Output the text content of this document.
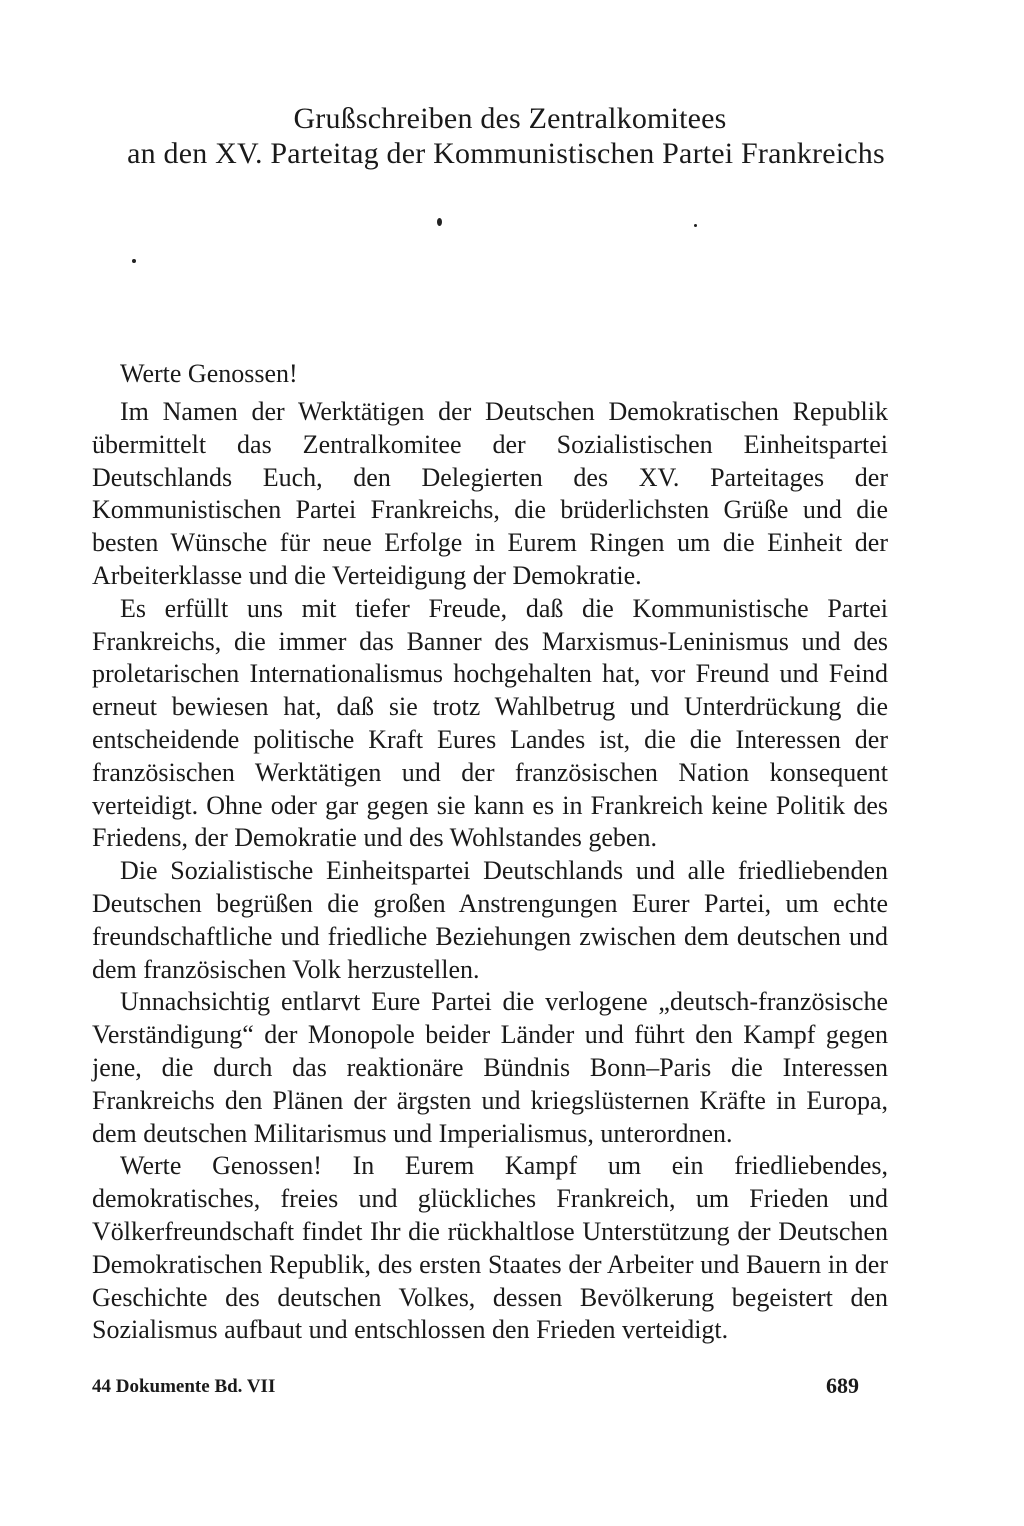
Grußschreiben des Zentralkomitees
an den XV. Parteitag der Kommunistischen Partei Frankreichs
Werte Genossen!

Im Namen der Werktätigen der Deutschen Demokratischen Republik übermittelt das Zentralkomitee der Sozialistischen Einheitspartei Deutschlands Euch, den Delegierten des XV. Parteitages der Kommunistischen Partei Frankreichs, die brüderlichsten Grüße und die besten Wünsche für neue Erfolge in Eurem Ringen um die Einheit der Arbeiterklasse und die Verteidigung der Demokratie.

Es erfüllt uns mit tiefer Freude, daß die Kommunistische Partei Frankreichs, die immer das Banner des Marxismus-Leninismus und des proletarischen Internationalismus hochgehalten hat, vor Freund und Feind erneut bewiesen hat, daß sie trotz Wahlbetrug und Unterdrückung die entscheidende politische Kraft Eures Landes ist, die die Interessen der französischen Werktätigen und der französischen Nation konsequent verteidigt. Ohne oder gar gegen sie kann es in Frankreich keine Politik des Friedens, der Demokratie und des Wohlstandes geben.

Die Sozialistische Einheitspartei Deutschlands und alle friedliebenden Deutschen begrüßen die großen Anstrengungen Eurer Partei, um echte freundschaftliche und friedliche Beziehungen zwischen dem deutschen und dem französischen Volk herzustellen.

Unnachsichtig entlarvt Eure Partei die verlogene „deutsch-französische Verständigung“ der Monopole beider Länder und führt den Kampf gegen jene, die durch das reaktionäre Bündnis Bonn–Paris die Interessen Frankreichs den Plänen der ärgsten und kriegslüsternen Kräfte in Europa, dem deutschen Militarismus und Imperialismus, unterordnen.

Werte Genossen! In Eurem Kampf um ein friedliebendes, demokratisches, freies und glückliches Frankreich, um Frieden und Völkerfreundschaft findet Ihr die rückhaltlose Unterstützung der Deutschen Demokratischen Republik, des ersten Staates der Arbeiter und Bauern in der Geschichte des deutschen Volkes, dessen Bevölkerung begeistert den Sozialismus aufbaut und entschlossen den Frieden verteidigt.

44 Dokumente Bd. VII	689
